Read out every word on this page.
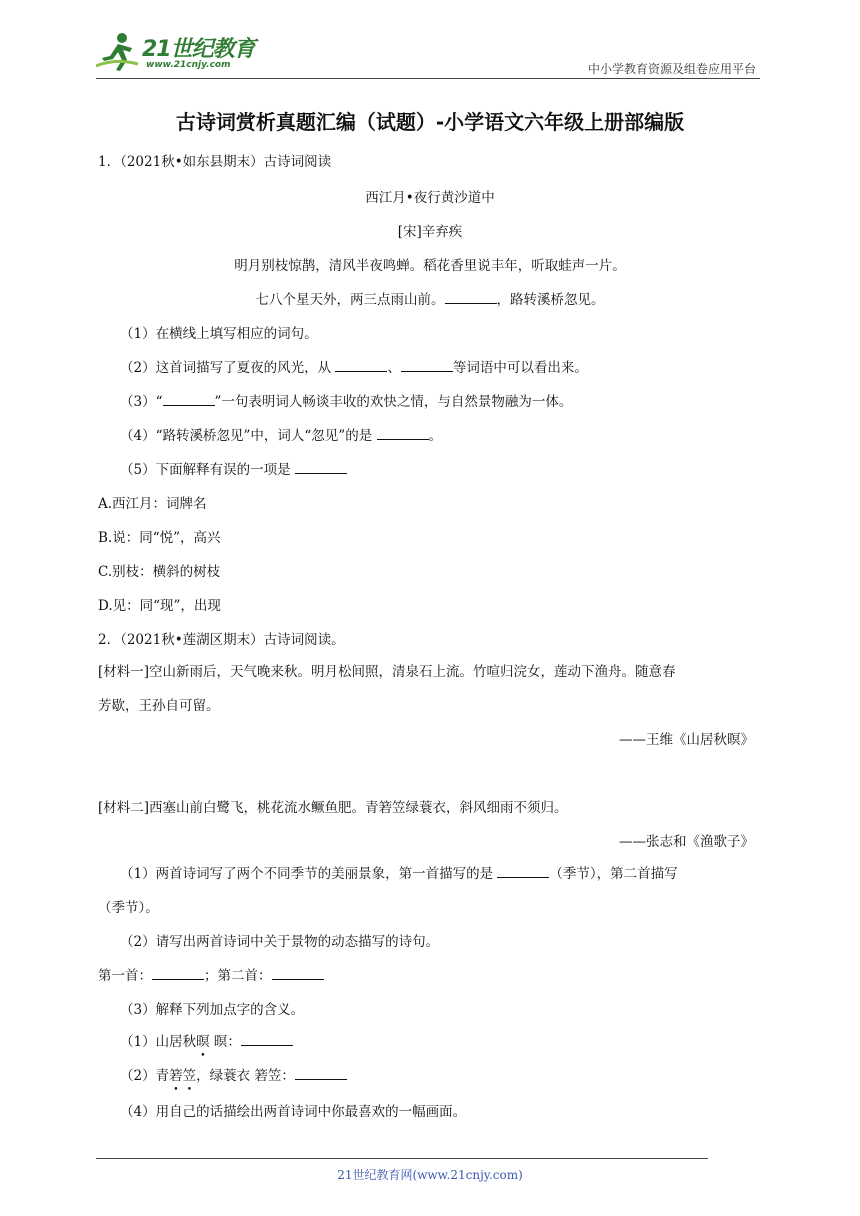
21世纪教育
www.21cnjy.com	中小学教育资源及组卷应用平台
古诗词赏析真题汇编（试题）-小学语文六年级上册部编版
1．（2021秋•如东县期末）古诗词阅读
西江月•夜行黄沙道中
[宋]辛弃疾
明月别枝惊鹊，清风半夜鸣蝉。稻花香里说丰年，听取蛙声一片。
七八个星天外，两三点雨山前。	，路转溪桥忽见。
（1）在横线上填写相应的词句。
（2）这首词描写了夏夜的风光，从	、	等词语中可以看出来。
（3）“	”一句表明词人畅谈丰收的欢快之情，与自然景物融为一体。
（4）“路转溪桥忽见”中，词人“忽见”的是	。
（5）下面解释有误的一项是
A.西江月：词牌名
B.说：同“悦”，高兴
C.别枝：横斜的树枝
D.见：同“现”，出现
2．（2021秋•莲湖区期末）古诗词阅读。
[材料一]空山新雨后，天气晚来秋。明月松间照，清泉石上流。竹喧归浣女，莲动下渔舟。随意春
芳歇，王孙自可留。
——王维《山居秋暝》
[材料二]西塞山前白鹭飞，桃花流水鳜鱼肥。青箬笠绿蓑衣，斜风细雨不须归。
——张志和《渔歌子》
（1）两首诗词写了两个不同季节的美丽景象，第一首描写的是	（季节），第二首描写
（季节）。
（2）请写出两首诗词中关于景物的动态描写的诗句。
第一首：	；第二首：
（3）解释下列加点字的含义。
（1）山居秋暝 暝：
（2）青箬笠，绿蓑衣 箬笠：
（4）用自己的话描绘出两首诗词中你最喜欢的一幅画面。
21世纪教育网(www.21cnjy.com)
